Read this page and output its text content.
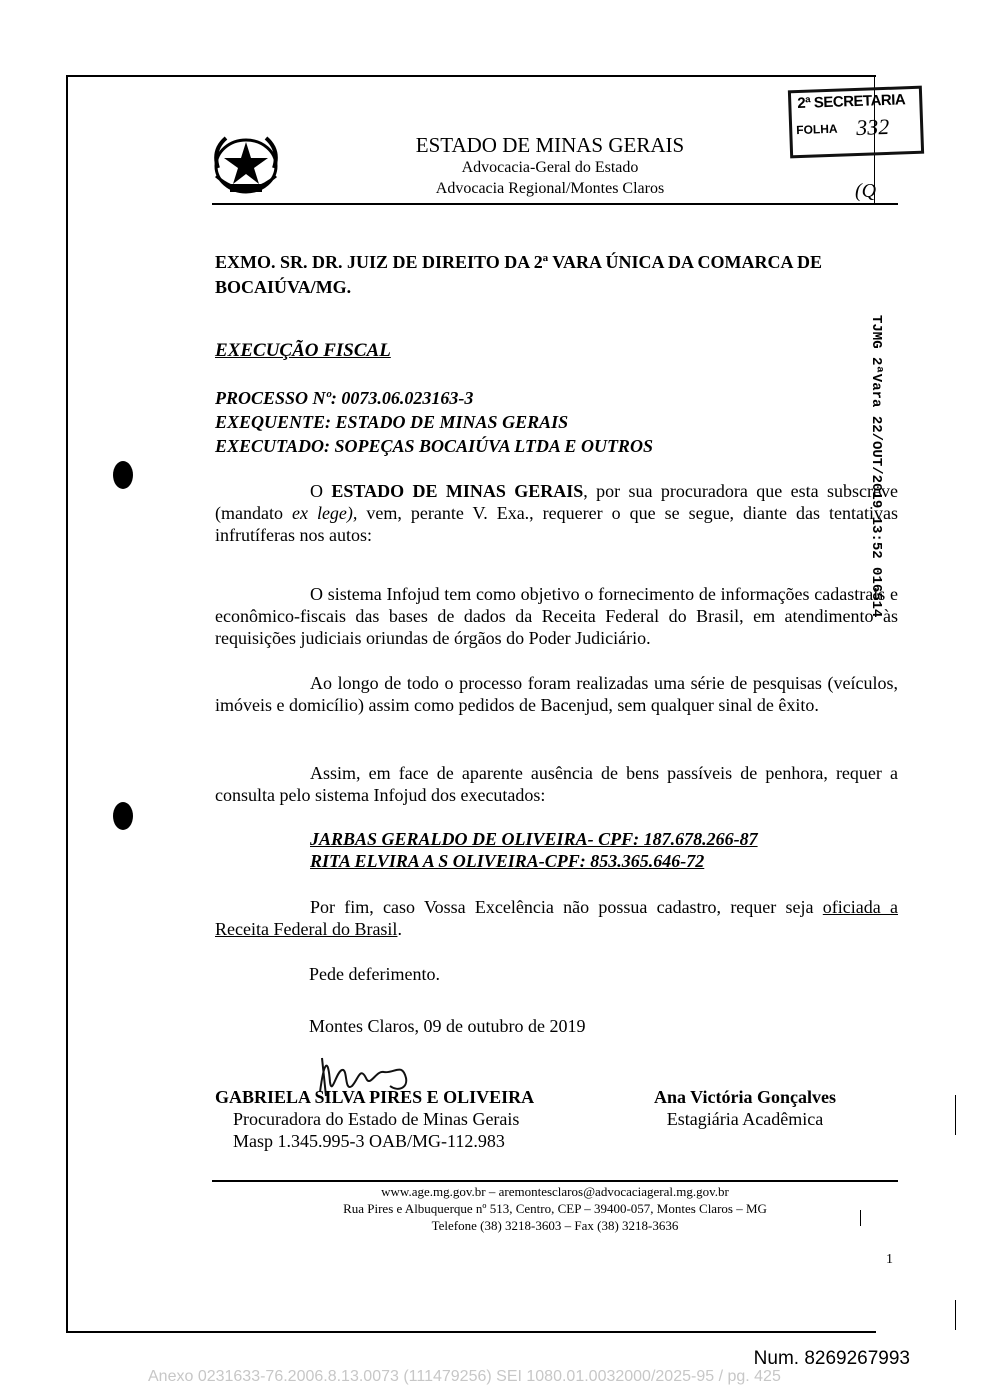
ESTADO DE MINAS GERAIS
Advocacia-Geral do Estado
Advocacia Regional/Montes Claros	(Q
2ª SECRETARIA
FOLHA 332
TJMG 2ªVara 22/OUT/2019 13:52 016514
EXMO. SR. DR. JUIZ DE DIREITO DA 2ª VARA ÚNICA DA COMARCA DE BOCAIÚVA/MG.
EXECUÇÃO FISCAL
PROCESSO Nº: 0073.06.023163-3
EXEQUENTE: ESTADO DE MINAS GERAIS
EXECUTADO: SOPEÇAS BOCAIÚVA LTDA E OUTROS
O ESTADO DE MINAS GERAIS, por sua procuradora que esta subscreve (mandato ex lege), vem, perante V. Exa., requerer o que se segue, diante das tentativas infrutíferas nos autos:
O sistema Infojud tem como objetivo o fornecimento de informações cadastrais e econômico-fiscais das bases de dados da Receita Federal do Brasil, em atendimento às requisições judiciais oriundas de órgãos do Poder Judiciário.
Ao longo de todo o processo foram realizadas uma série de pesquisas (veículos, imóveis e domicílio) assim como pedidos de Bacenjud, sem qualquer sinal de êxito.
Assim, em face de aparente ausência de bens passíveis de penhora, requer a consulta pelo sistema Infojud dos executados:
JARBAS GERALDO DE OLIVEIRA- CPF: 187.678.266-87
RITA ELVIRA A S OLIVEIRA-CPF: 853.365.646-72
Por fim, caso Vossa Excelência não possua cadastro, requer seja oficiada a Receita Federal do Brasil.
Pede deferimento.
Montes Claros, 09 de outubro de 2019
GABRIELA SILVA PIRES E OLIVEIRA
Procuradora do Estado de Minas Gerais
Masp 1.345.995-3 OAB/MG-112.983
Ana Victória Gonçalves
Estagiária Acadêmica
www.age.mg.gov.br – aremontesclaros@advocaciageral.mg.gov.br
Rua Pires e Albuquerque nº 513, Centro, CEP – 39400-057, Montes Claros – MG
Telefone (38) 3218-3603 – Fax (38) 3218-3636
1
Num. 8269267993
Anexo 0231633-76.2006.8.13.0073 (111479256) SEI 1080.01.0032000/2025-95 / pg. 425
